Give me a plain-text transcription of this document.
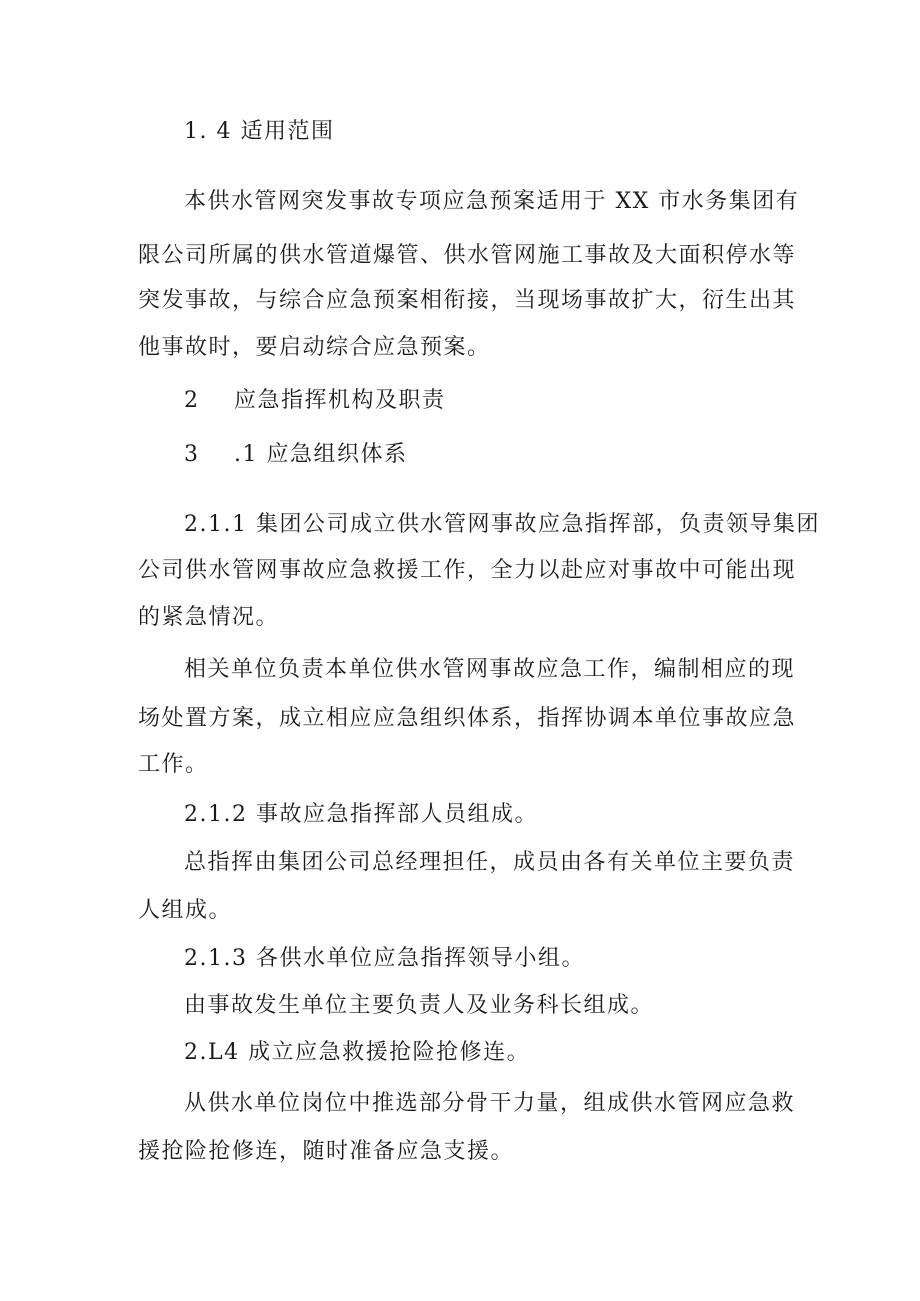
1. 4 适用范围
本供水管网突发事故专项应急预案适用于 XX 市水务集团有
限公司所属的供水管道爆管、供水管网施工事故及大面积停水等
突发事故，与综合应急预案相衔接，当现场事故扩大，衍生出其
他事故时，要启动综合应急预案。
2 应急指挥机构及职责
3 .1 应急组织体系
2.1.1 集团公司成立供水管网事故应急指挥部，负责领导集团
公司供水管网事故应急救援工作，全力以赴应对事故中可能出现
的紧急情况。
相关单位负责本单位供水管网事故应急工作，编制相应的现
场处置方案，成立相应应急组织体系，指挥协调本单位事故应急
工作。
2.1.2 事故应急指挥部人员组成。
总指挥由集团公司总经理担任，成员由各有关单位主要负责
人组成。
2.1.3 各供水单位应急指挥领导小组。
由事故发生单位主要负责人及业务科长组成。
2.L4 成立应急救援抢险抢修连。
从供水单位岗位中推选部分骨干力量，组成供水管网应急救
援抢险抢修连，随时准备应急支援。
